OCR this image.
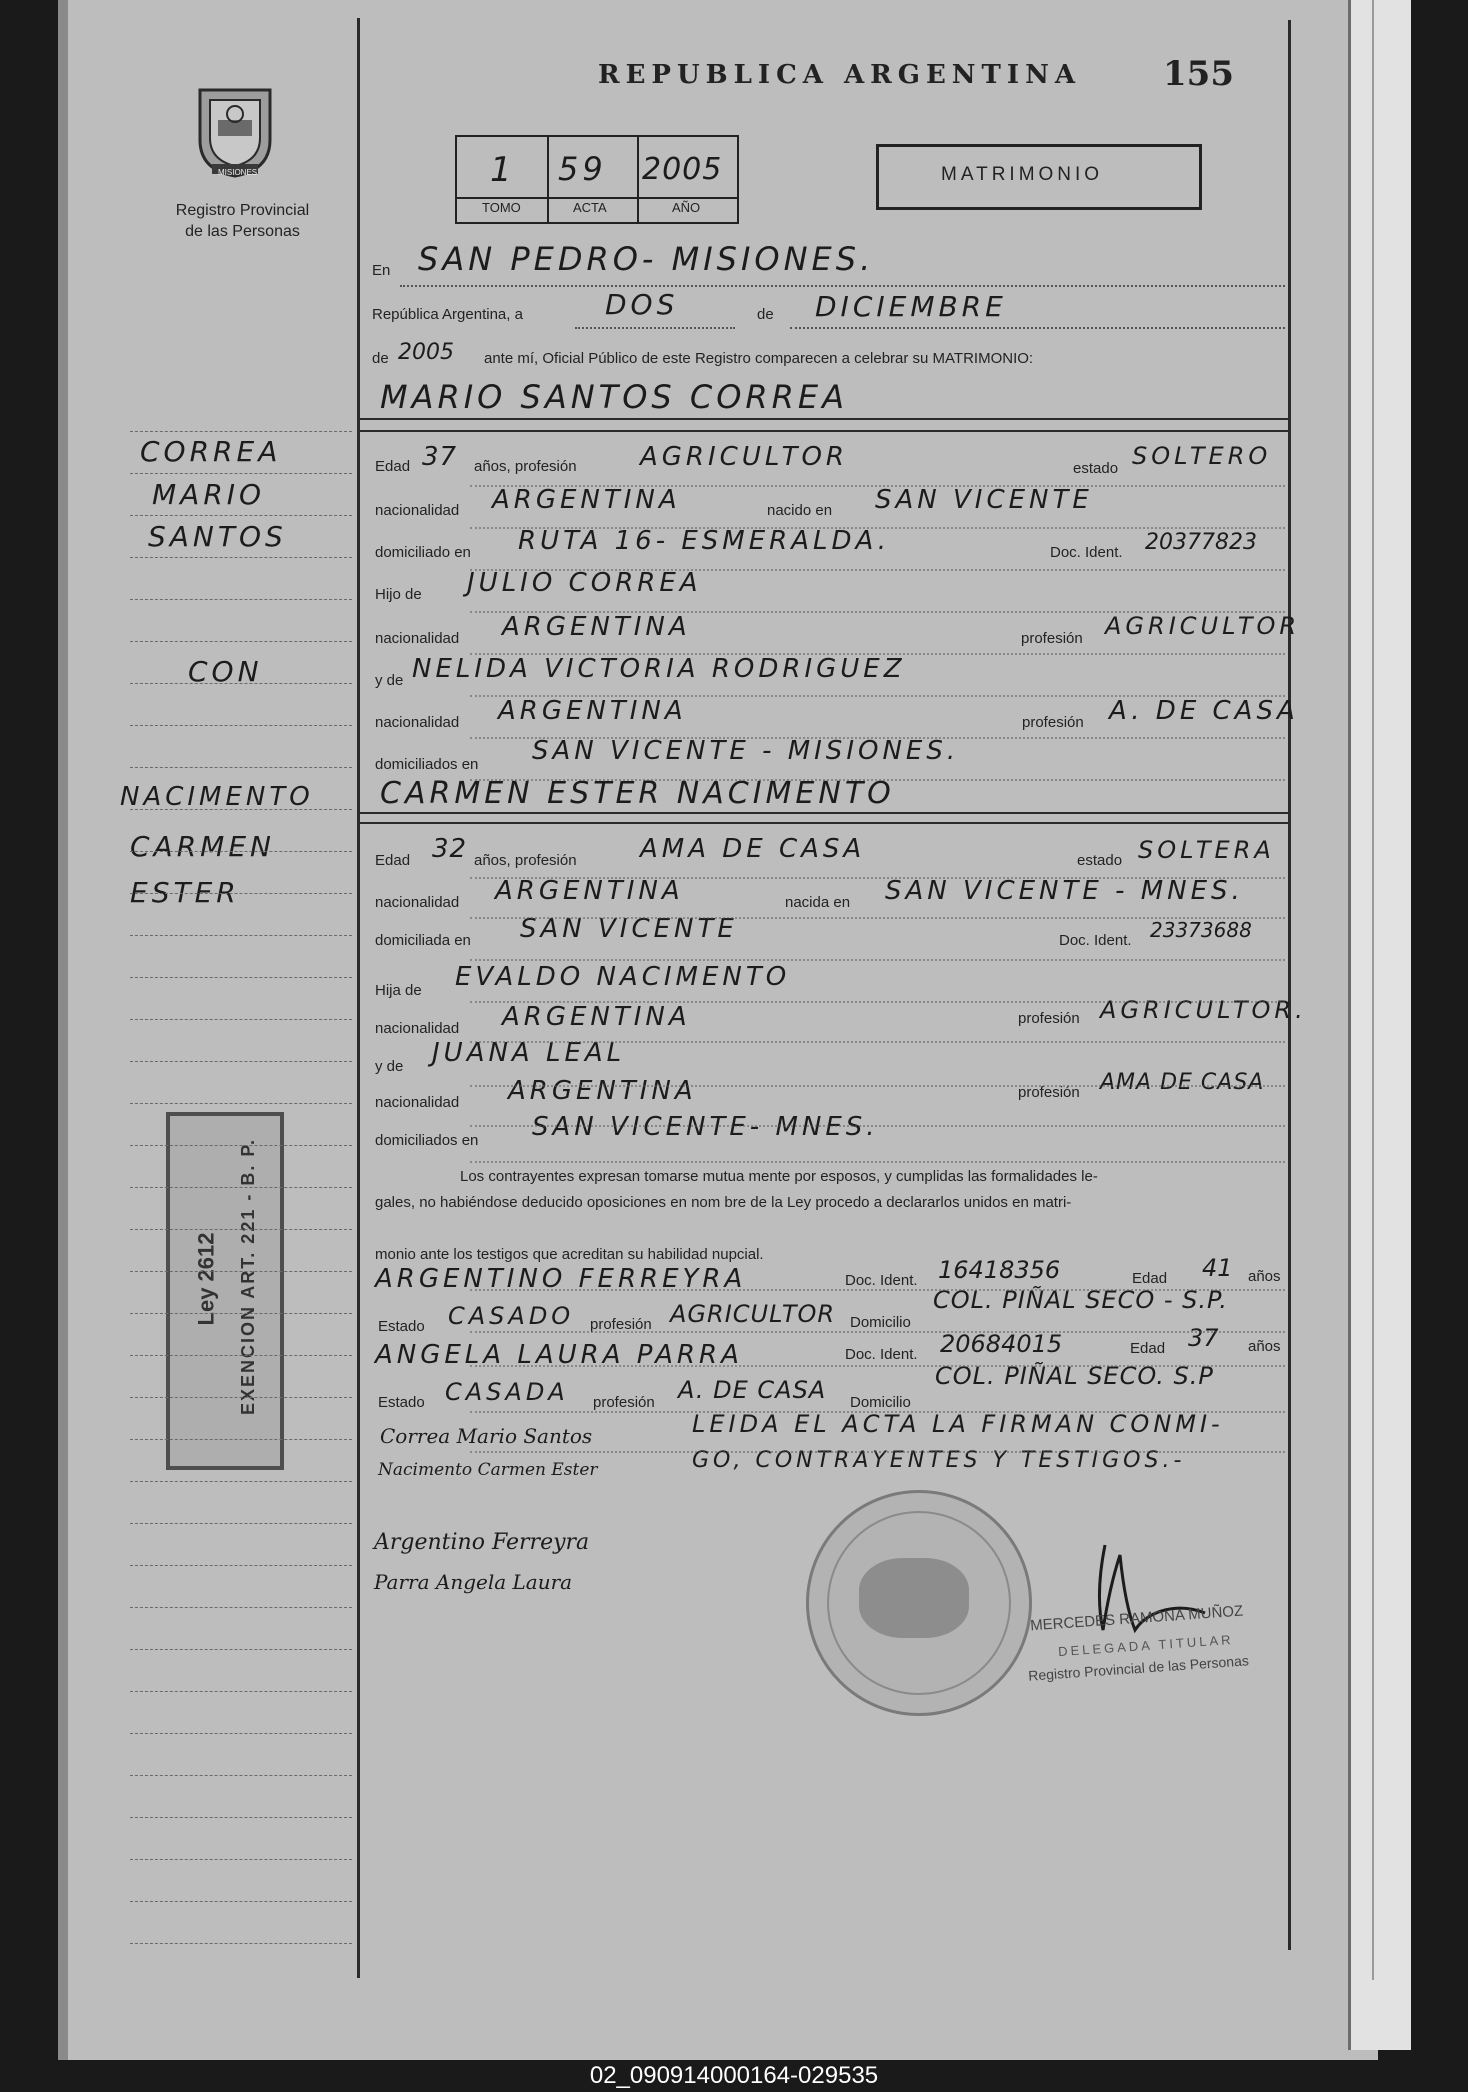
MISIONES
Registro Provincial
de las Personas
REPUBLICA ARGENTINA 155
1 59 2005
TOMO	ACTA	AÑO
MATRIMONIO
En SAN PEDRO- MISIONES.
República Argentina, a	DOS	de DICIEMBRE
de 2005 ante mí, Oficial Público de este Registro comparecen a celebrar su MATRIMONIO:
MARIO SANTOS CORREA
Edad 37 años, profesión AGRICULTOR	estado SOLTERO
nacionalidad ARGENTINA	nacido en SAN VICENTE
domiciliado en RUTA 16- ESMERALDA.	Doc. Ident. 20377823
Hijo de JULIO CORREA
nacionalidad ARGENTINA	profesión AGRICULTOR
y de NELIDA VICTORIA RODRIGUEZ
nacionalidad ARGENTINA	profesión A. DE CASA
domiciliados en SAN VICENTE - MISIONES.
CARMEN ESTER NACIMENTO
Edad 32 años, profesión AMA DE CASA	estado SOLTERA
nacionalidad ARGENTINA	nacida en SAN VICENTE - MNES.
domiciliada en SAN VICENTE	Doc. Ident. 23373688
Hija de EVALDO NACIMENTO
nacionalidad ARGENTINA	profesión AGRICULTOR.
y de JUANA LEAL
nacionalidad ARGENTINA	profesión AMA DE CASA
domiciliados en SAN VICENTE- MNES.
Los contrayentes expresan tomarse mutua mente por esposos, y cumplidas las formalidades le-
gales, no habiéndose deducido oposiciones en nom bre de la Ley procedo a declararlos unidos en matri-
monio ante los testigos que acreditan su habilidad nupcial.
ARGENTINO FERREYRA	Doc. Ident. 16418356	Edad 41 años
Estado CASADO profesión AGRICULTOR Domicilio
COL. PIÑAL SECO - S.P.
ANGELA LAURA PARRA	Doc. Ident. 20684015	Edad 37 años
Estado CASADA profesión A. DE CASA Domicilio
COL. PIÑAL SECO. S.P
Correa Mario Santos	LEIDA EL ACTA LA FIRMAN CONMI-
Nacimento Carmen Ester	GO, CONTRAYENTES Y TESTIGOS.-
Argentino Ferreyra
Parra Angela Laura
MERCEDES RAMONA MUÑOZ
DELEGADA TITULAR
Registro Provincial de las Personas
CORREA
MARIO
SANTOS
CON
NACIMENTO
CARMEN
ESTER
Ley 2612 EXENCION ART. 221 - B. P.
02_090914000164-029535
